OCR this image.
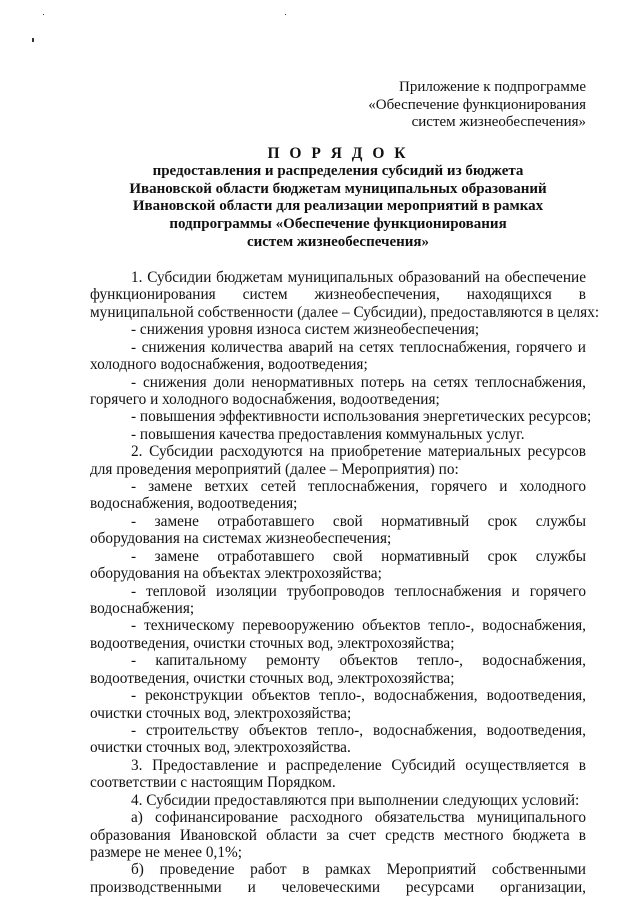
Приложение к подпрограмме
«Обеспечение функционирования
систем жизнеобеспечения»
П О Р Я Д О К
предоставления и распределения субсидий из бюджета
Ивановской области бюджетам муниципальных образований
Ивановской области для реализации мероприятий в рамках
подпрограммы «Обеспечение функционирования
систем жизнеобеспечения»
1. Субсидии бюджетам муниципальных образований на обеспечение
функционирования систем жизнеобеспечения, находящихся в
муниципальной собственности (далее – Субсидии), предоставляются в целях:
- снижения уровня износа систем жизнеобеспечения;
- снижения количества аварий на сетях теплоснабжения, горячего и
холодного водоснабжения, водоотведения;
- снижения доли ненормативных потерь на сетях теплоснабжения,
горячего и холодного водоснабжения, водоотведения;
- повышения эффективности использования энергетических ресурсов;
- повышения качества предоставления коммунальных услуг.
2. Субсидии расходуются на приобретение материальных ресурсов
для проведения мероприятий (далее – Мероприятия) по:
- замене ветхих сетей теплоснабжения, горячего и холодного
водоснабжения, водоотведения;
- замене отработавшего свой нормативный срок службы
оборудования на системах жизнеобеспечения;
- замене отработавшего свой нормативный срок службы
оборудования на объектах электрохозяйства;
- тепловой изоляции трубопроводов теплоснабжения и горячего
водоснабжения;
- техническому перевооружению объектов тепло-, водоснабжения,
водоотведения, очистки сточных вод, электрохозяйства;
- капитальному ремонту объектов тепло-, водоснабжения,
водоотведения, очистки сточных вод, электрохозяйства;
- реконструкции объектов тепло-, водоснабжения, водоотведения,
очистки сточных вод, электрохозяйства;
- строительству объектов тепло-, водоснабжения, водоотведения,
очистки сточных вод, электрохозяйства.
3. Предоставление и распределение Субсидий осуществляется в
соответствии с настоящим Порядком.
4. Субсидии предоставляются при выполнении следующих условий:
а) софинансирование расходного обязательства муниципального
образования Ивановской области за счет средств местного бюджета в
размере не менее 0,1%;
б) проведение работ в рамках Мероприятий собственными
производственными и человеческими ресурсами организации,
